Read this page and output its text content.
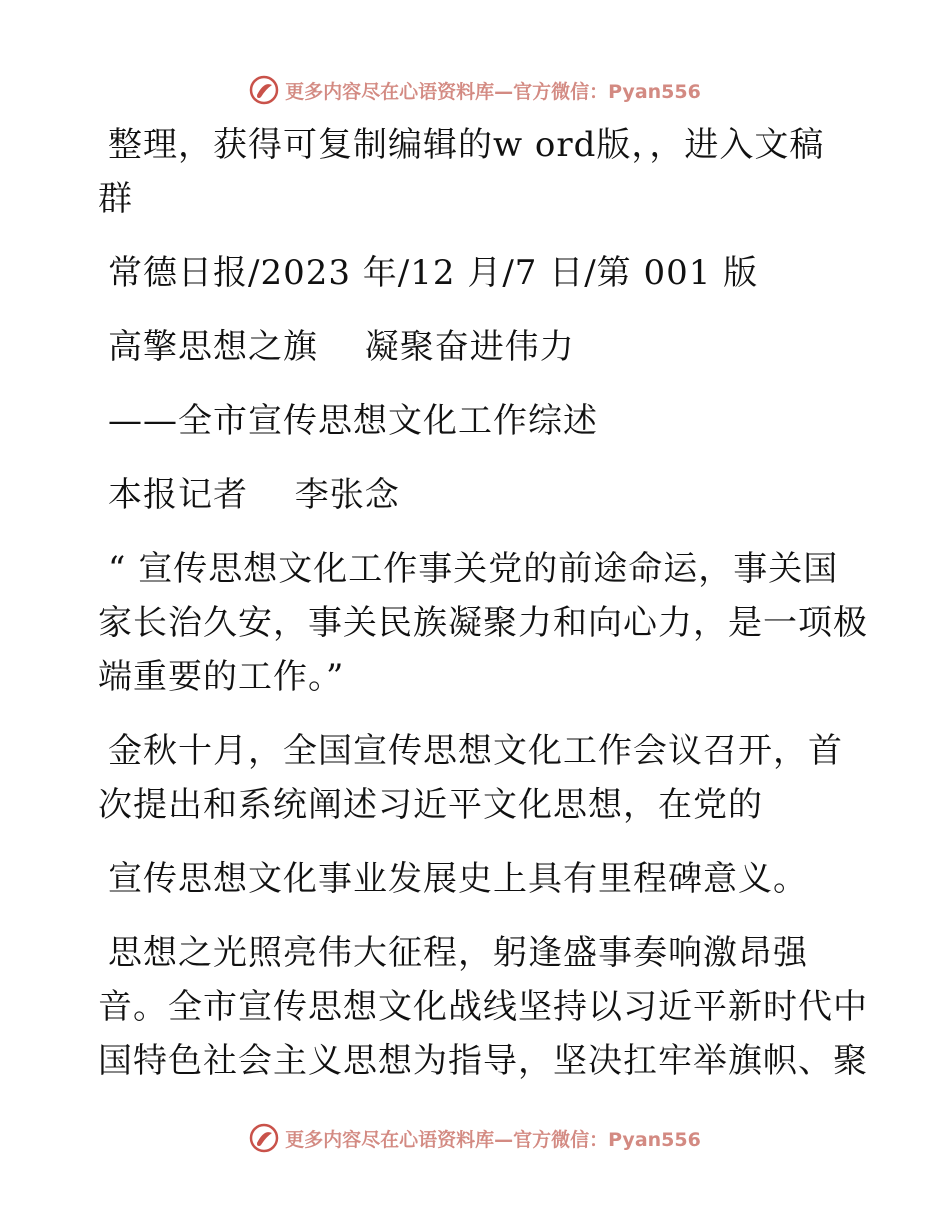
更多内容尽在心语资料库—官方微信：Pyan556
整理，获得可复制编辑的w ord版，，进入文稿
群
常德日报/2023 年/12 月/7 日/第 001 版
高擎思想之旗　 凝聚奋进伟力
——全市宣传思想文化工作综述
本报记者　 李张念
“ 宣传思想文化工作事关党的前途命运，事关国
家长治久安，事关民族凝聚力和向心力，是一项极
端重要的工作。”
金秋十月，全国宣传思想文化工作会议召开，首
次提出和系统阐述习近平文化思想，在党的
宣传思想文化事业发展史上具有里程碑意义。
思想之光照亮伟大征程，躬逢盛事奏响激昂强
音。全市宣传思想文化战线坚持以习近平新时代中
国特色社会主义思想为指导，坚决扛牢举旗帜、聚
更多内容尽在心语资料库—官方微信：Pyan556
